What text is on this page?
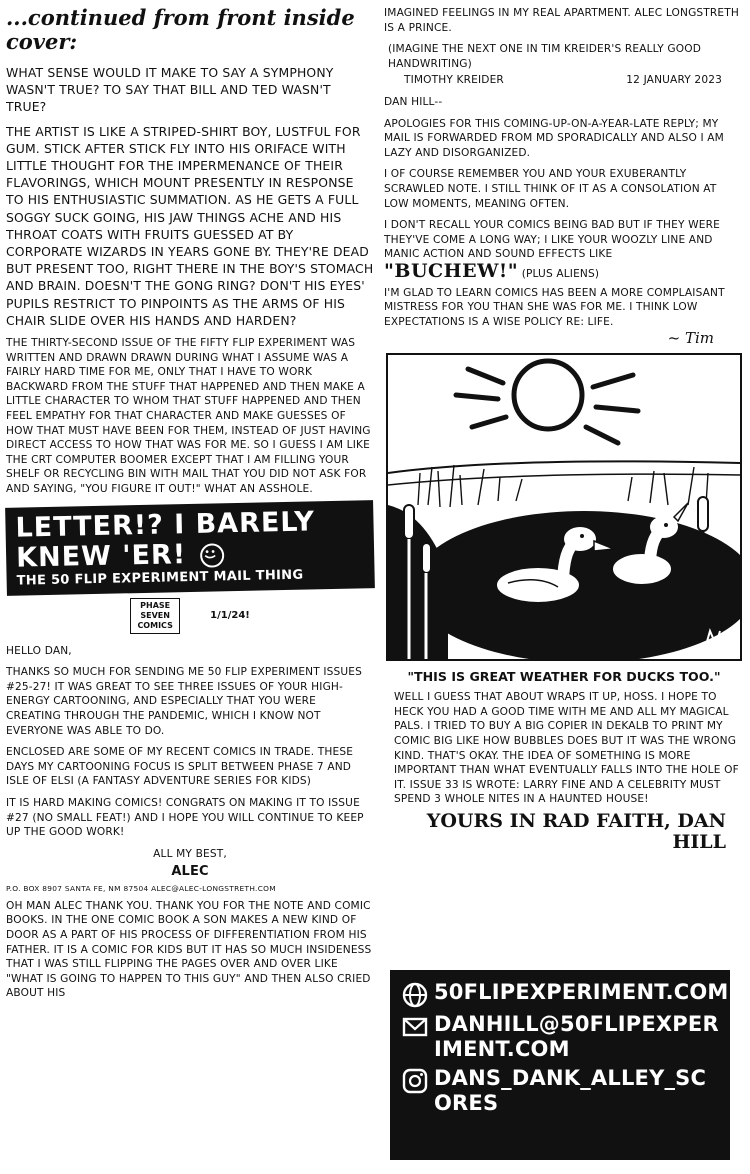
...continued from front inside cover:

WHAT SENSE WOULD IT MAKE TO SAY A SYMPHONY WASN'T TRUE? TO SAY THAT BILL AND TED WASN'T TRUE?

THE ARTIST IS LIKE A STRIPED-SHIRT BOY, LUSTFUL FOR GUM. STICK AFTER STICK FLY INTO HIS ORIFACE WITH LITTLE THOUGHT FOR THE IMPERMENANCE OF THEIR FLAVORINGS, WHICH MOUNT PRESENTLY IN RESPONSE TO HIS ENTHUSIASTIC SUMMATION. AS HE GETS A FULL SOGGY SUCK GOING, HIS JAW THINGS ACHE AND HIS THROAT COATS WITH FRUITS GUESSED AT BY CORPORATE WIZARDS IN YEARS GONE BY. THEY'RE DEAD BUT PRESENT TOO, RIGHT THERE IN THE BOY'S STOMACH AND BRAIN. DOESN'T THE GONG RING? DON'T HIS EYES' PUPILS RESTRICT TO PINPOINTS AS THE ARMS OF HIS CHAIR SLIDE OVER HIS HANDS AND HARDEN?

THE THIRTY-SECOND ISSUE OF THE FIFTY FLIP EXPERIMENT WAS WRITTEN AND DRAWN DRAWN DURING WHAT I ASSUME WAS A FAIRLY HARD TIME FOR ME, ONLY THAT I HAVE TO WORK BACKWARD FROM THE STUFF THAT HAPPENED AND THEN MAKE A LITTLE CHARACTER TO WHOM THAT STUFF HAPPENED AND THEN FEEL EMPATHY FOR THAT CHARACTER AND MAKE GUESSES OF HOW THAT MUST HAVE BEEN FOR THEM, INSTEAD OF JUST HAVING DIRECT ACCESS TO HOW THAT WAS FOR ME. SO I GUESS I AM LIKE THE CRT COMPUTER BOOMER EXCEPT THAT I AM FILLING YOUR SHELF OR RECYCLING BIN WITH MAIL THAT YOU DID NOT ASK FOR AND SAYING, "YOU FIGURE IT OUT!" WHAT AN ASSHOLE.

LETTER!? I BARELY KNEW 'ER!
THE 50 FLIP EXPERIMENT MAIL THING
PHASE SEVEN COMICS
1/1/24!

HELLO DAN,

THANKS SO MUCH FOR SENDING ME 50 FLIP EXPERIMENT ISSUES #25-27! IT WAS GREAT TO SEE THREE ISSUES OF YOUR HIGH-ENERGY CARTOONING, AND ESPECIALLY THAT YOU WERE CREATING THROUGH THE PANDEMIC, WHICH I KNOW NOT EVERYONE WAS ABLE TO DO.

ENCLOSED ARE SOME OF MY RECENT COMICS IN TRADE. THESE DAYS MY CARTOONING FOCUS IS SPLIT BETWEEN PHASE 7 AND ISLE OF ELSI (A FANTASY ADVENTURE SERIES FOR KIDS)

IT IS HARD MAKING COMICS! CONGRATS ON MAKING IT TO ISSUE #27 (NO SMALL FEAT!) AND I HOPE YOU WILL CONTINUE TO KEEP UP THE GOOD WORK!

ALL MY BEST,

ALEC

P.O. BOX 8907 SANTA FE, NM 87504 ALEC@ALEC-LONGSTRETH.COM

OH MAN ALEC THANK YOU. THANK YOU FOR THE NOTE AND COMIC BOOKS. IN THE ONE COMIC BOOK A SON MAKES A NEW KIND OF DOOR AS A PART OF HIS PROCESS OF DIFFERENTIATION FROM HIS FATHER. IT IS A COMIC FOR KIDS BUT IT HAS SO MUCH INSIDENESS THAT I WAS STILL FLIPPING THE PAGES OVER AND OVER LIKE "WHAT IS GOING TO HAPPEN TO THIS GUY" AND THEN ALSO CRIED ABOUT HIS

IMAGINED FEELINGS IN MY REAL APARTMENT. ALEC LONGSTRETH IS A PRINCE.

(IMAGINE THE NEXT ONE IN TIM KREIDER'S REALLY GOOD HANDWRITING)

TIMOTHY KREIDER	12 JANUARY 2023

DAN HILL--

APOLOGIES FOR THIS COMING-UP-ON-A-YEAR-LATE REPLY; MY MAIL IS FORWARDED FROM MD SPORADICALLY AND ALSO I AM LAZY AND DISORGANIZED.

I OF COURSE REMEMBER YOU AND YOUR EXUBERANTLY SCRAWLED NOTE. I STILL THINK OF IT AS A CONSOLATION AT LOW MOMENTS, MEANING OFTEN.

I DON'T RECALL YOUR COMICS BEING BAD BUT IF THEY WERE THEY'VE COME A LONG WAY; I LIKE YOUR WOOZLY LINE AND MANIC ACTION AND SOUND EFFECTS LIKE

"BUCHEW!" (PLUS ALIENS)

I'M GLAD TO LEARN COMICS HAS BEEN A MORE COMPLAISANT MISTRESS FOR YOU THAN SHE WAS FOR ME. I THINK LOW EXPECTATIONS IS A WISE POLICY RE: LIFE.

~ Tim
"THIS IS GREAT WEATHER FOR DUCKS TOO."

WELL I GUESS THAT ABOUT WRAPS IT UP, HOSS. I HOPE TO HECK YOU HAD A GOOD TIME WITH ME AND ALL MY MAGICAL PALS. I TRIED TO BUY A BIG COPIER IN DEKALB TO PRINT MY COMIC BIG LIKE HOW BUBBLES DOES BUT IT WAS THE WRONG KIND. THAT'S OKAY. THE IDEA OF SOMETHING IS MORE IMPORTANT THAN WHAT EVENTUALLY FALLS INTO THE HOLE OF IT. ISSUE 33 IS WROTE: LARRY FINE AND A CELEBRITY MUST SPEND 3 WHOLE NITES IN A HAUNTED HOUSE!

YOURS IN RAD FAITH, DAN HILL
50FLIPEXPERIMENT.COM
DANHILL@50FLIPEXPERIMENT.COM
DANS_DANK_ALLEY_SCORES
